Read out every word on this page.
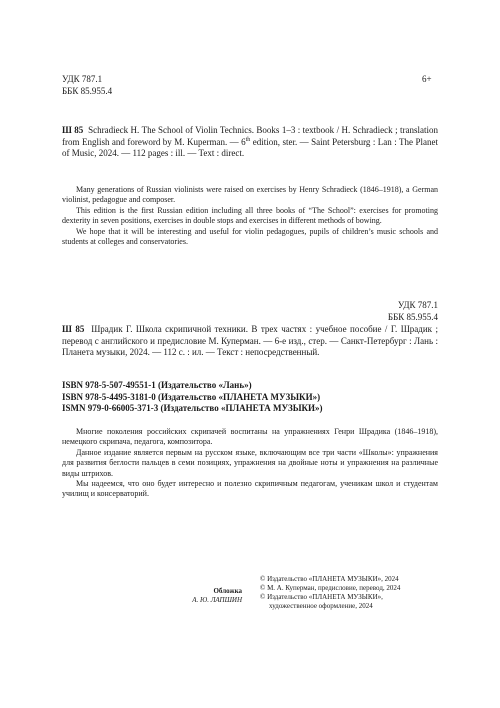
УДК 787.1

ББК 85.955.4

6+
Ш 85 Schradieck H. The School of Violin Technics. Books 1–3 : textbook / H. Schradieck ; translation from English and foreword by M. Kuperman. — 6th edition, ster. — Saint Petersburg : Lan : The Planet of Music, 2024. — 112 pages : ill. — Text : direct.

Many generations of Russian violinists were raised on exercises by Henry Schradieck (1846–1918), a German violinist, pedagogue and composer.

This edition is the first Russian edition including all three books of “The School”: exercises for promoting dexterity in seven positions, exercises in double stops and exercises in different methods of bowing.

We hope that it will be interesting and useful for violin pedagogues, pupils of children’s music schools and students at colleges and conservatories.

УДК 787.1

ББК 85.955.4

Ш 85 Шрадик Г. Школа скрипичной техники. В трех частях : учебное пособие / Г. Шрадик ; перевод с английского и предисловие М. Куперман. — 6-е изд., стер. — Санкт-Петербург : Лань : Планета музыки, 2024. — 112 с. : ил. — Текст : непосредственный.

ISBN 978-5-507-49551-1 (Издательство «Лань»)

ISBN 978-5-4495-3181-0 (Издательство «ПЛАНЕТА МУЗЫКИ»)

ISMN 979-0-66005-371-3 (Издательство «ПЛАНЕТА МУЗЫКИ»)

Многие поколения российских скрипачей воспитаны на упражнениях Генри Шрадика (1846–1918), немецкого скрипача, педагога, композитора.

Данное издание является первым на русском языке, включающим все три части «Школы»: упражнения для развития беглости пальцев в семи позициях, упражнения на двойные ноты и упражнения на различные виды штрихов.

Мы надеемся, что оно будет интересно и полезно скрипичным педагогам, ученикам школ и студентам училищ и консерваторий.

Обложка

А. Ю. ЛАПШИН

© Издательство «ПЛАНЕТА МУЗЫКИ», 2024

© М. А. Куперман, предисловие, перевод, 2024

© Издательство «ПЛАНЕТА МУЗЫКИ»,

художественное оформление, 2024
